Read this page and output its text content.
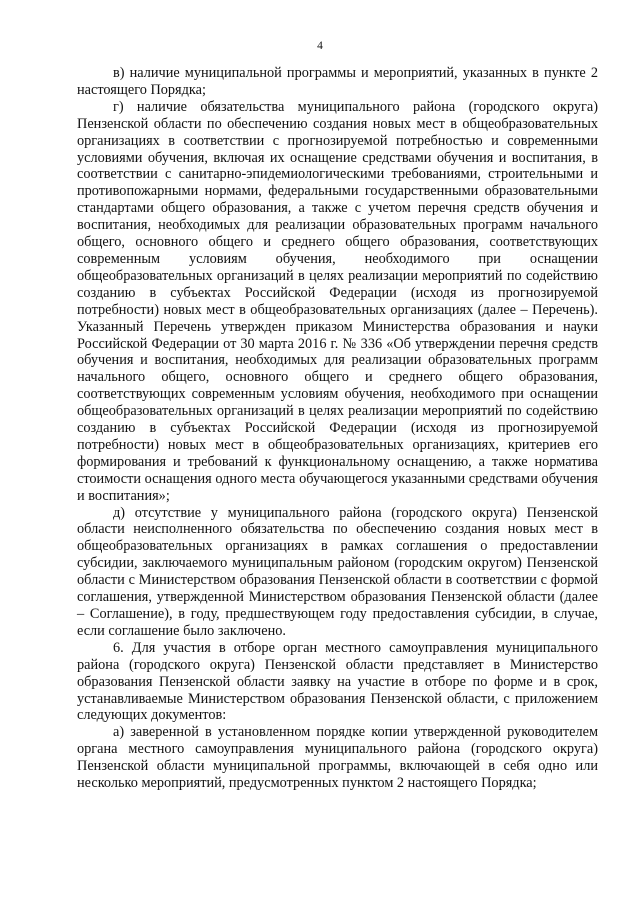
4

в) наличие муниципальной программы и мероприятий, указанных в пункте 2 настоящего Порядка;

г) наличие обязательства муниципального района (городского округа) Пензенской области по обеспечению создания новых мест в общеобразовательных организациях в соответствии с прогнозируемой потребностью и современными условиями обучения, включая их оснащение средствами обучения и воспитания, в соответствии с санитарно-эпидемиологическими требованиями, строительными и противопожарными нормами, федеральными государственными образовательными стандартами общего образования, а также с учетом перечня средств обучения и воспитания, необходимых для реализации образовательных программ начального общего, основного общего и среднего общего образования, соответствующих современным условиям обучения, необходимого при оснащении общеобразовательных организаций в целях реализации мероприятий по содействию созданию в субъектах Российской Федерации (исходя из прогнозируемой потребности) новых мест в общеобразовательных организациях (далее – Перечень). Указанный Перечень утвержден приказом Министерства образования и науки Российской Федерации от 30 марта 2016 г. № 336 «Об утверждении перечня средств обучения и воспитания, необходимых для реализации образовательных программ начального общего, основного общего и среднего общего образования, соответствующих современным условиям обучения, необходимого при оснащении общеобразовательных организаций в целях реализации мероприятий по содействию созданию в субъектах Российской Федерации (исходя из прогнозируемой потребности) новых мест в общеобразовательных организациях, критериев его формирования и требований к функциональному оснащению, а также норматива стоимости оснащения одного места обучающегося указанными средствами обучения и воспитания»;

д) отсутствие у муниципального района (городского округа) Пензенской области неисполненного обязательства по обеспечению создания новых мест в общеобразовательных организациях в рамках соглашения о предоставлении субсидии, заключаемого муниципальным районом (городским округом) Пензенской области с Министерством образования Пензенской области в соответствии с формой соглашения, утвержденной Министерством образования Пензенской области (далее – Соглашение), в году, предшествующем году предоставления субсидии, в случае, если соглашение было заключено.

6. Для участия в отборе орган местного самоуправления муниципального района (городского округа) Пензенской области представляет в Министерство образования Пензенской области заявку на участие в отборе по форме и в срок, устанавливаемые Министерством образования Пензенской области, с приложением следующих документов:

а) заверенной в установленном порядке копии утвержденной руководителем органа местного самоуправления муниципального района (городского округа) Пензенской области муниципальной программы, включающей в себя одно или несколько мероприятий, предусмотренных пунктом 2 настоящего Порядка;
